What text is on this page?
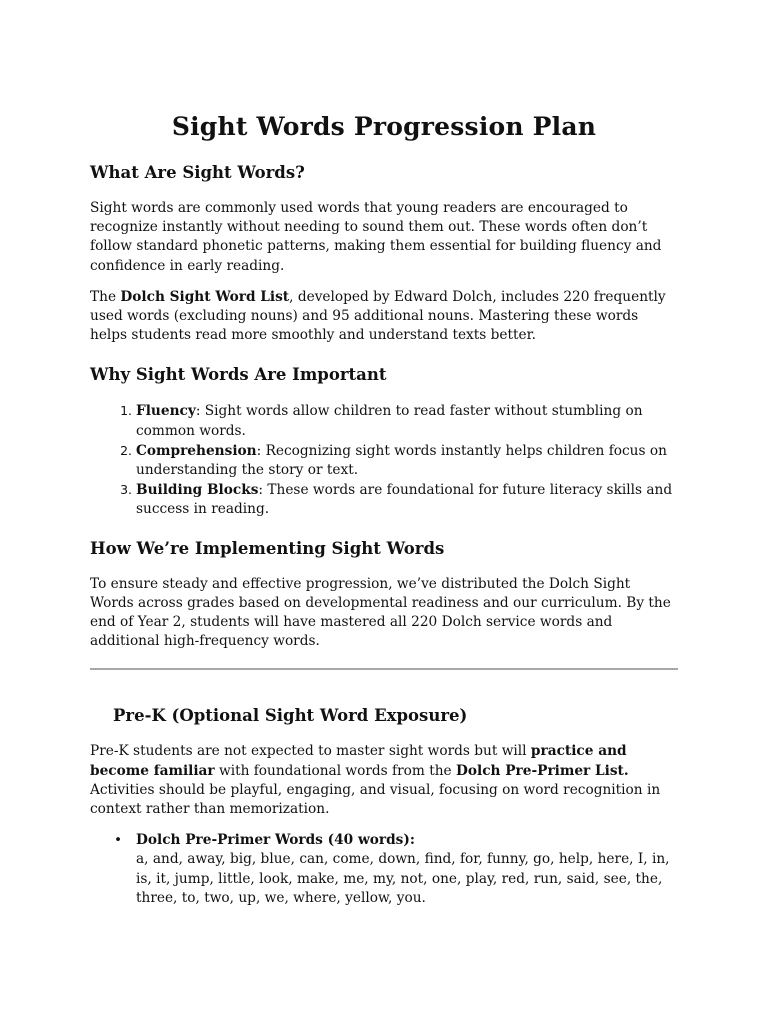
Sight Words Progression Plan
What Are Sight Words?

Sight words are commonly used words that young readers are encouraged to recognize instantly without needing to sound them out. These words often don’t follow standard phonetic patterns, making them essential for building fluency and confidence in early reading.

The Dolch Sight Word List, developed by Edward Dolch, includes 220 frequently used words (excluding nouns) and 95 additional nouns. Mastering these words helps students read more smoothly and understand texts better.

Why Sight Words Are Important
1. Fluency: Sight words allow children to read faster without stumbling on common words.
2. Comprehension: Recognizing sight words instantly helps children focus on understanding the story or text.
3. Building Blocks: These words are foundational for future literacy skills and success in reading.
How We’re Implementing Sight Words

To ensure steady and effective progression, we’ve distributed the Dolch Sight Words across grades based on developmental readiness and our curriculum. By the end of Year 2, students will have mastered all 220 Dolch service words and additional high-frequency words.

Pre-K (Optional Sight Word Exposure)

Pre-K students are not expected to master sight words but will practice and become familiar with foundational words from the Dolch Pre-Primer List. Activities should be playful, engaging, and visual, focusing on word recognition in context rather than memorization.

• Dolch Pre-Primer Words (40 words):
a, and, away, big, blue, can, come, down, find, for, funny, go, help, here, I, in, is, it, jump, little, look, make, me, my, not, one, play, red, run, said, see, the, three, to, two, up, we, where, yellow, you.
